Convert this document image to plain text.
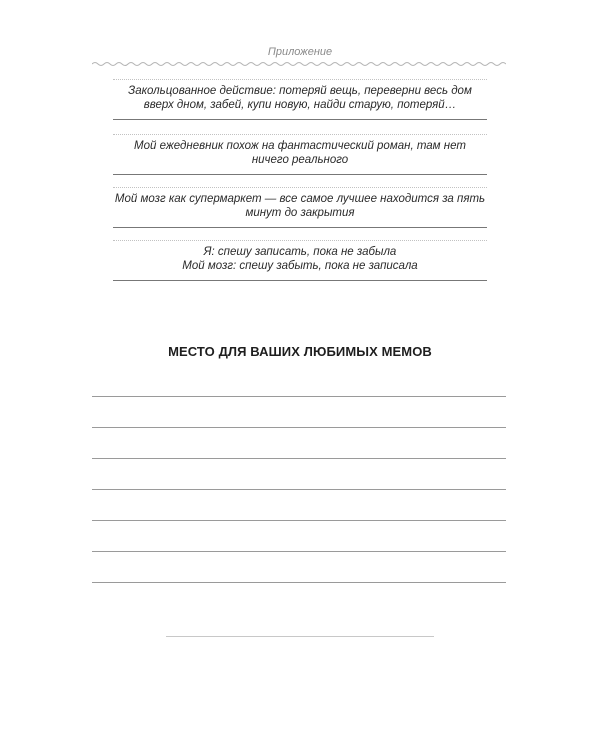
Приложение
Закольцованное действие: потеряй вещь, переверни весь дом
вверх дном, забей, купи новую, найди старую, потеряй…
Мой ежедневник похож на фантастический роман, там нет
ничего реального
Мой мозг как супермаркет — все самое лучшее находится за пять
минут до закрытия
Я: спешу записать, пока не забыла
Мой мозг: спешу забыть, пока не записала
МЕСТО ДЛЯ ВАШИХ ЛЮБИМЫХ МЕМОВ
